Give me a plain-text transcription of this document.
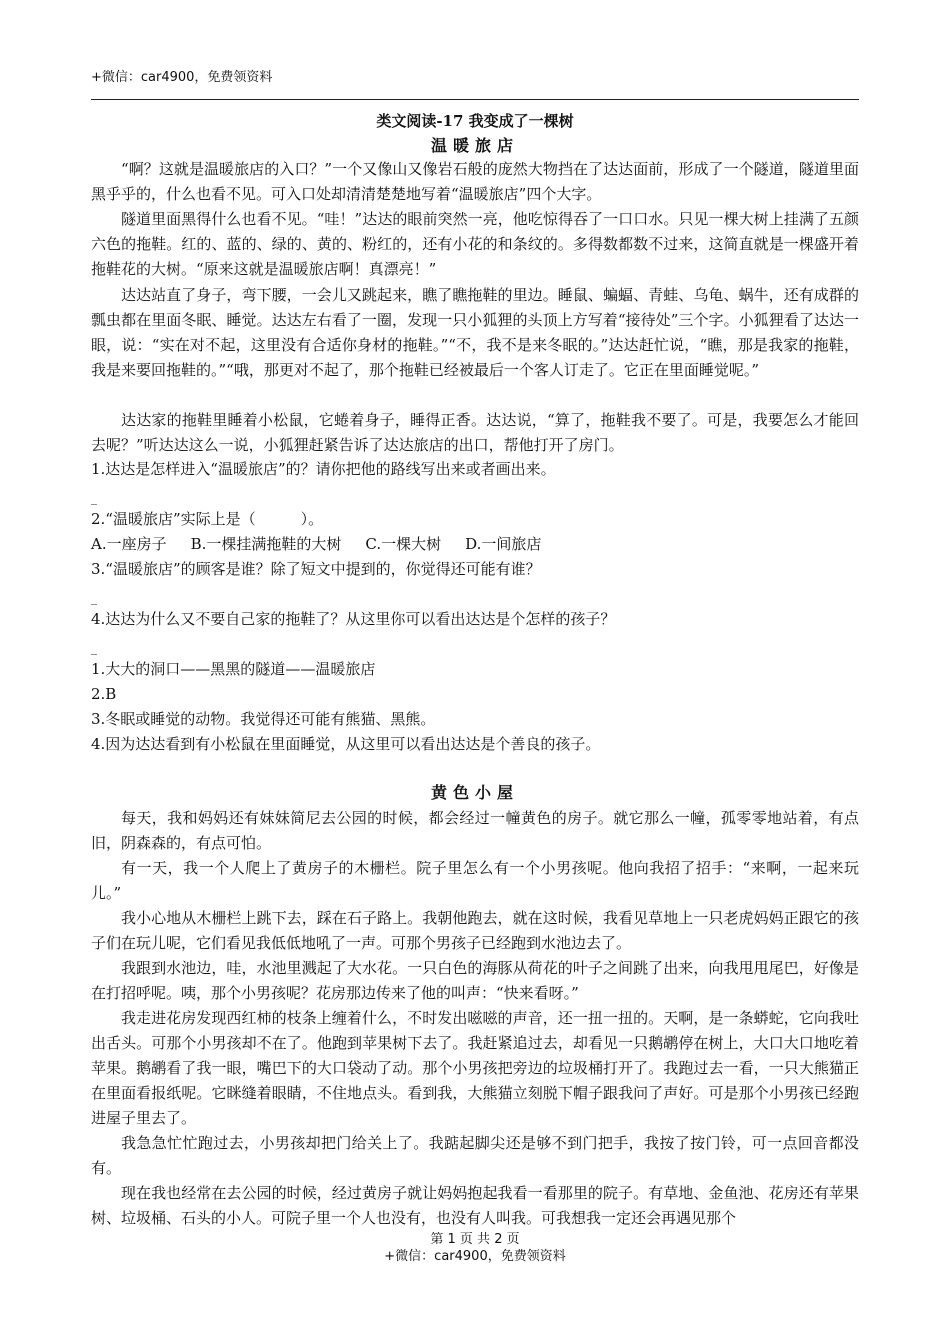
+微信：car4900，免费领资料
类文阅读-17 我变成了一棵树
温暖旅店

“啊？这就是温暖旅店的入口？”一个又像山又像岩石般的庞然大物挡在了达达面前，形成了一个隧道，隧道里面黑乎乎的，什么也看不见。可入口处却清清楚楚地写着“温暖旅店”四个大字。

隧道里面黑得什么也看不见。“哇！”达达的眼前突然一亮，他吃惊得吞了一口口水。只见一棵大树上挂满了五颜六色的拖鞋。红的、蓝的、绿的、黄的、粉红的，还有小花的和条纹的。多得数都数不过来，这简直就是一棵盛开着拖鞋花的大树。“原来这就是温暖旅店啊！真漂亮！”

达达站直了身子，弯下腰，一会儿又跳起来，瞧了瞧拖鞋的里边。睡鼠、蝙蝠、青蛙、乌龟、蜗牛，还有成群的瓢虫都在里面冬眠、睡觉。达达左右看了一圈，发现一只小狐狸的头顶上方写着“接待处”三个字。小狐狸看了达达一眼，说：“实在对不起，这里没有合适你身材的拖鞋。”“不，我不是来冬眠的。”达达赶忙说，“瞧，那是我家的拖鞋，我是来要回拖鞋的。”“哦，那更对不起了，那个拖鞋已经被最后一个客人订走了。它正在里面睡觉呢。”

达达家的拖鞋里睡着小松鼠，它蜷着身子，睡得正香。达达说，“算了，拖鞋我不要了。可是，我要怎么才能回去呢？”听达达这么一说，小狐狸赶紧告诉了达达旅店的出口，帮他打开了房门。

1.达达是怎样进入“温暖旅店”的？请你把他的路线写出来或者画出来。
_
2.“温暖旅店”实际上是（　　　）。
A.一座房子 B.一棵挂满拖鞋的大树 C.一棵大树 D.一间旅店
3.“温暖旅店”的顾客是谁？除了短文中提到的，你觉得还可能有谁？
_
4.达达为什么又不要自己家的拖鞋了？从这里你可以看出达达是个怎样的孩子？
_
1.大大的洞口——黑黑的隧道——温暖旅店
2.B
3.冬眠或睡觉的动物。我觉得还可能有熊猫、黑熊。
4.因为达达看到有小松鼠在里面睡觉，从这里可以看出达达是个善良的孩子。
黄色小屋

每天，我和妈妈还有妹妹简尼去公园的时候，都会经过一幢黄色的房子。就它那么一幢，孤零零地站着，有点旧，阴森森的，有点可怕。

有一天，我一个人爬上了黄房子的木栅栏。院子里怎么有一个小男孩呢。他向我招了招手：“来啊，一起来玩儿。”

我小心地从木栅栏上跳下去，踩在石子路上。我朝他跑去，就在这时候，我看见草地上一只老虎妈妈正跟它的孩子们在玩儿呢，它们看见我低低地吼了一声。可那个男孩子已经跑到水池边去了。

我跟到水池边，哇，水池里溅起了大水花。一只白色的海豚从荷花的叶子之间跳了出来，向我甩甩尾巴，好像是在打招呼呢。咦，那个小男孩呢？花房那边传来了他的叫声：“快来看呀。”

我走进花房发现西红柿的枝条上缠着什么，不时发出嗞嗞的声音，还一扭一扭的。天啊，是一条蟒蛇，它向我吐出舌头。可那个小男孩却不在了。他跑到苹果树下去了。我赶紧追过去，却看见一只鹅鹕停在树上，大口大口地吃着苹果。鹅鹕看了我一眼，嘴巴下的大口袋动了动。那个小男孩把旁边的垃圾桶打开了。我跑过去一看，一只大熊猫正在里面看报纸呢。它眯缝着眼睛，不住地点头。看到我，大熊猫立刻脱下帽子跟我问了声好。可是那个小男孩已经跑进屋子里去了。

我急急忙忙跑过去，小男孩却把门给关上了。我踮起脚尖还是够不到门把手，我按了按门铃，可一点回音都没有。

现在我也经常在去公园的时候，经过黄房子就让妈妈抱起我看一看那里的院子。有草地、金鱼池、花房还有苹果树、垃圾桶、石头的小人。可院子里一个人也没有，也没有人叫我。可我想我一定还会再遇见那个

第 1 页 共 2 页
+微信：car4900，免费领资料
